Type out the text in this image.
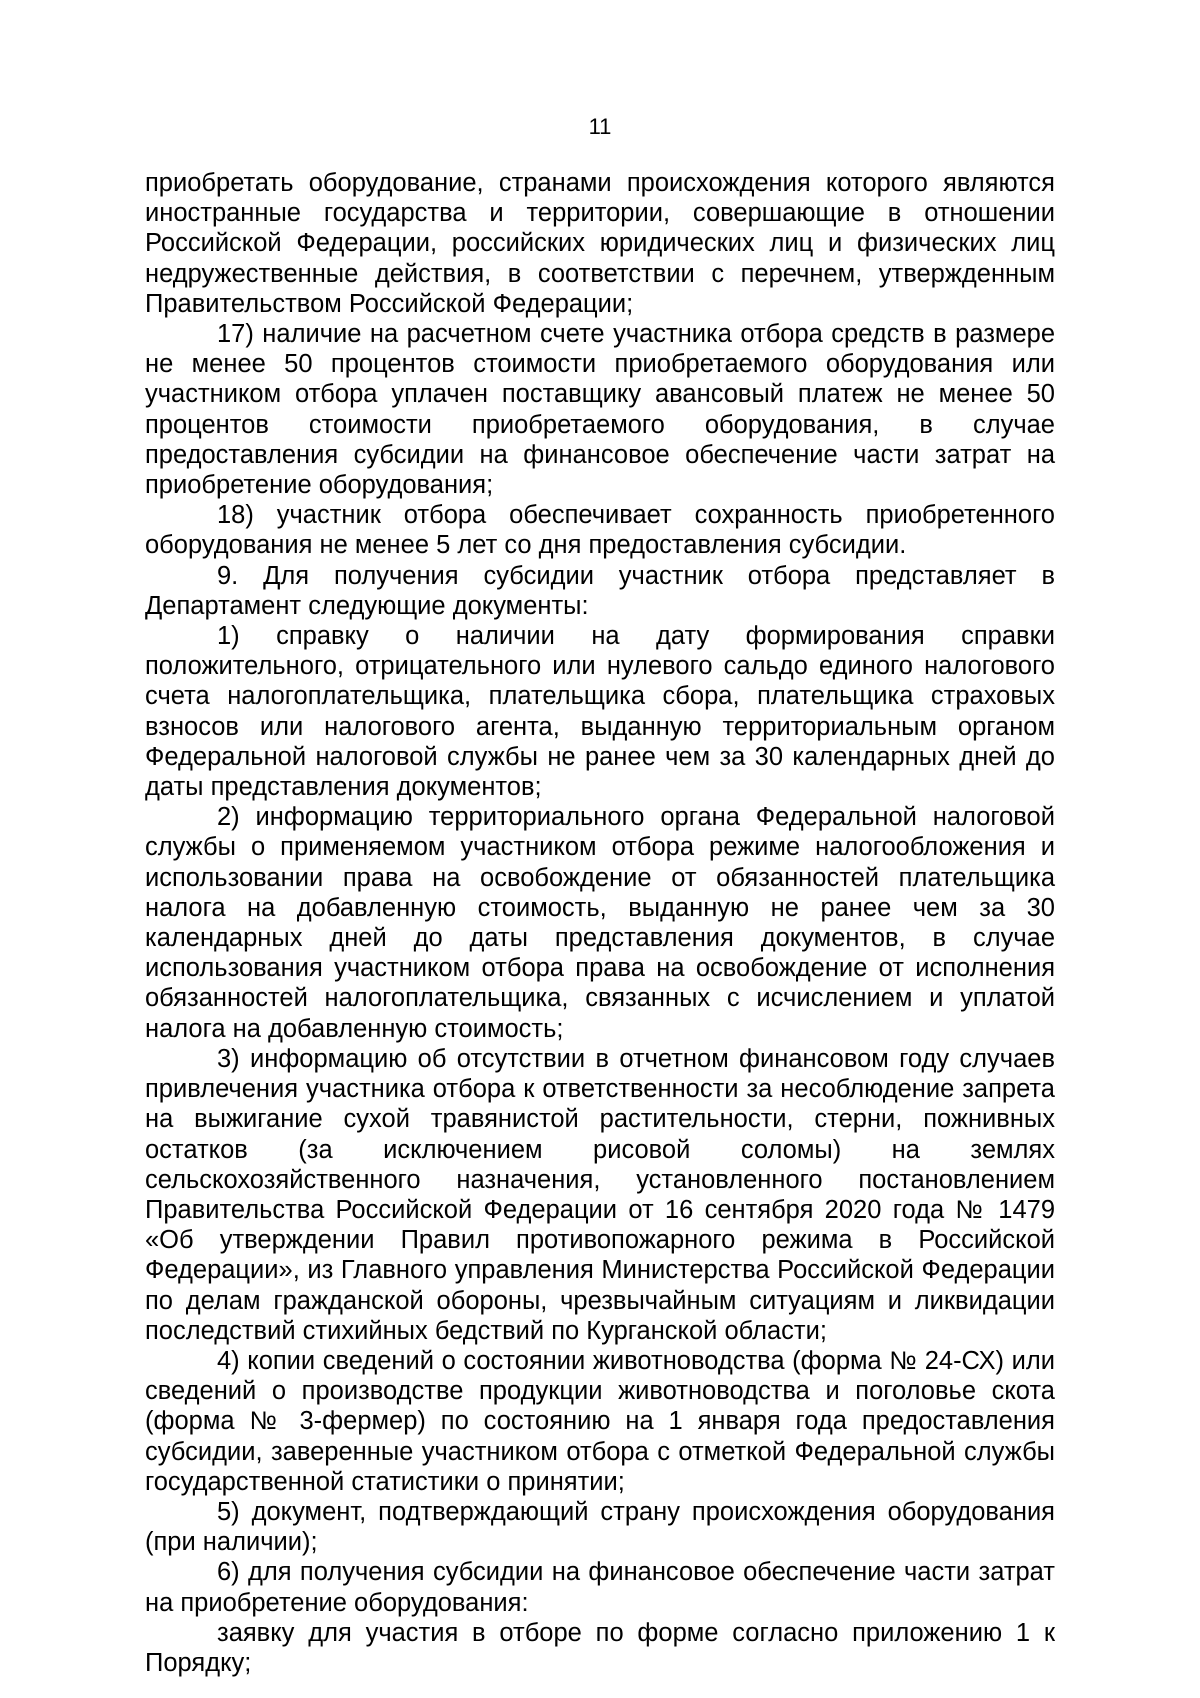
11

приобретать оборудование, странами происхождения которого являются иностранные государства и территории, совершающие в отношении Российской Федерации, российских юридических лиц и физических лиц недружественные действия, в соответствии с перечнем, утвержденным Правительством Российской Федерации;

17) наличие на расчетном счете участника отбора средств в размере не менее 50 процентов стоимости приобретаемого оборудования или участником отбора уплачен поставщику авансовый платеж не менее 50 процентов стоимости приобретаемого оборудования, в случае предоставления субсидии на финансовое обеспечение части затрат на приобретение оборудования;

18) участник отбора обеспечивает сохранность приобретенного оборудования не менее 5 лет со дня предоставления субсидии.

9. Для получения субсидии участник отбора представляет в Департамент следующие документы:

1) справку о наличии на дату формирования справки положительного, отрицательного или нулевого сальдо единого налогового счета налогоплательщика, плательщика сбора, плательщика страховых взносов или налогового агента, выданную территориальным органом Федеральной налоговой службы не ранее чем за 30 календарных дней до даты представления документов;

2) информацию территориального органа Федеральной налоговой службы о применяемом участником отбора режиме налогообложения и использовании права на освобождение от обязанностей плательщика налога на добавленную стоимость, выданную не ранее чем за 30 календарных дней до даты представления документов, в случае использования участником отбора права на освобождение от исполнения обязанностей налогоплательщика, связанных с исчислением и уплатой налога на добавленную стоимость;

3) информацию об отсутствии в отчетном финансовом году случаев привлечения участника отбора к ответственности за несоблюдение запрета на выжигание сухой травянистой растительности, стерни, пожнивных остатков (за исключением рисовой соломы) на землях сельскохозяйственного назначения, установленного постановлением Правительства Российской Федерации от 16 сентября 2020 года № 1479 «Об утверждении Правил противопожарного режима в Российской Федерации», из Главного управления Министерства Российской Федерации по делам гражданской обороны, чрезвычайным ситуациям и ликвидации последствий стихийных бедствий по Курганской области;

4) копии сведений о состоянии животноводства (форма № 24-СХ) или сведений о производстве продукции животноводства и поголовье скота (форма № 3-фермер) по состоянию на 1 января года предоставления субсидии, заверенные участником отбора с отметкой Федеральной службы государственной статистики о принятии;

5) документ, подтверждающий страну происхождения оборудования (при наличии);

6) для получения субсидии на финансовое обеспечение части затрат на приобретение оборудования:

заявку для участия в отборе по форме согласно приложению 1 к Порядку;
